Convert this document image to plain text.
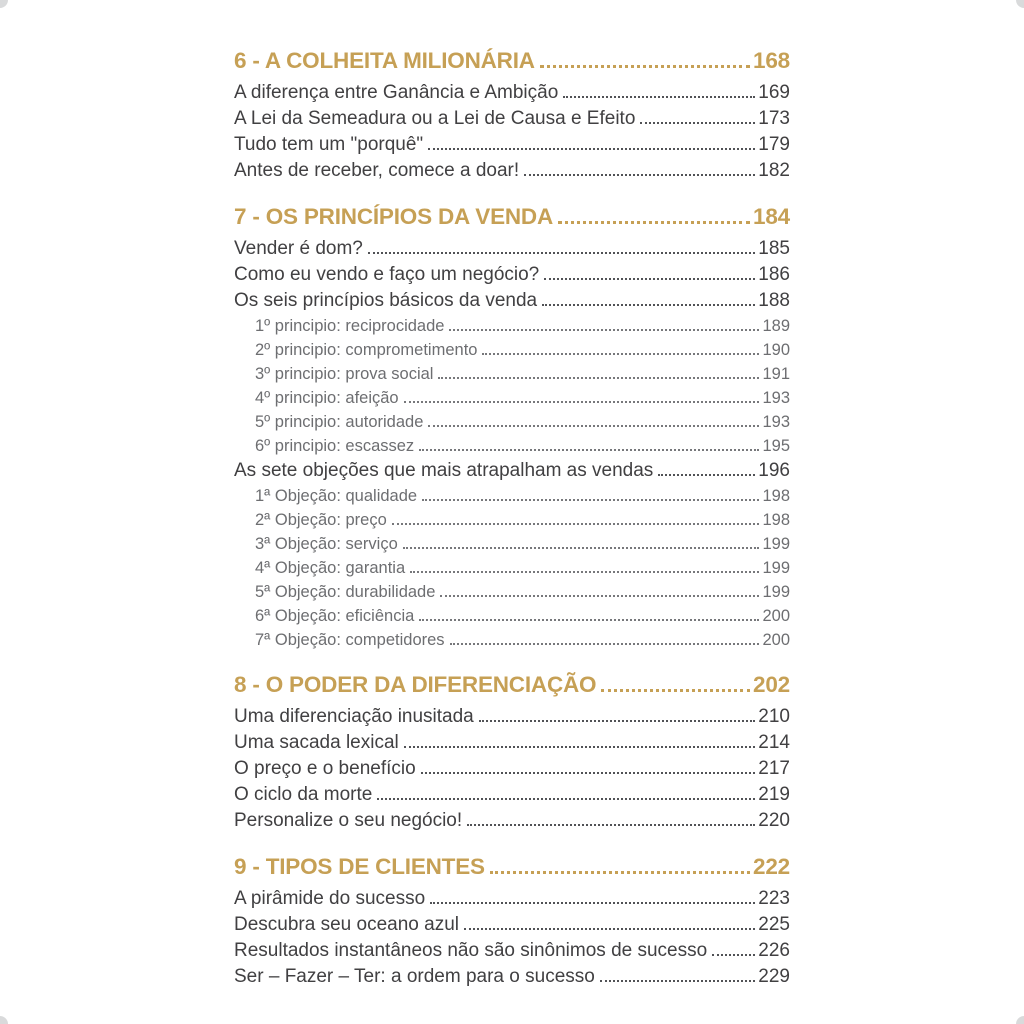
6 - A COLHEITA MILIONÁRIA	168
A diferença entre Ganância e Ambição	169
A Lei da Semeadura ou a Lei de Causa e Efeito	173
Tudo tem um "porquê"	179
Antes de receber, comece a doar!	182
7 - OS PRINCÍPIOS DA VENDA	184
Vender é dom?	185
Como eu vendo e faço um negócio?	186
Os seis princípios básicos da venda	188
1º principio: reciprocidade	189
2º principio: comprometimento	190
3º principio: prova social	191
4º principio: afeição	193
5º principio: autoridade	193
6º principio: escassez	195
As sete objeções que mais atrapalham as vendas	196
1ª Objeção: qualidade	198
2ª Objeção: preço	198
3ª Objeção: serviço	199
4ª Objeção: garantia	199
5ª Objeção: durabilidade	199
6ª Objeção: eficiência	200
7ª Objeção: competidores	200
8 - O PODER DA DIFERENCIAÇÃO	202
Uma diferenciação inusitada	210
Uma sacada lexical	214
O preço e o benefício	217
O ciclo da morte	219
Personalize o seu negócio!	220
9 - TIPOS DE CLIENTES	222
A pirâmide do sucesso	223
Descubra seu oceano azul	225
Resultados instantâneos não são sinônimos de sucesso	226
Ser – Fazer – Ter: a ordem para o sucesso	229
